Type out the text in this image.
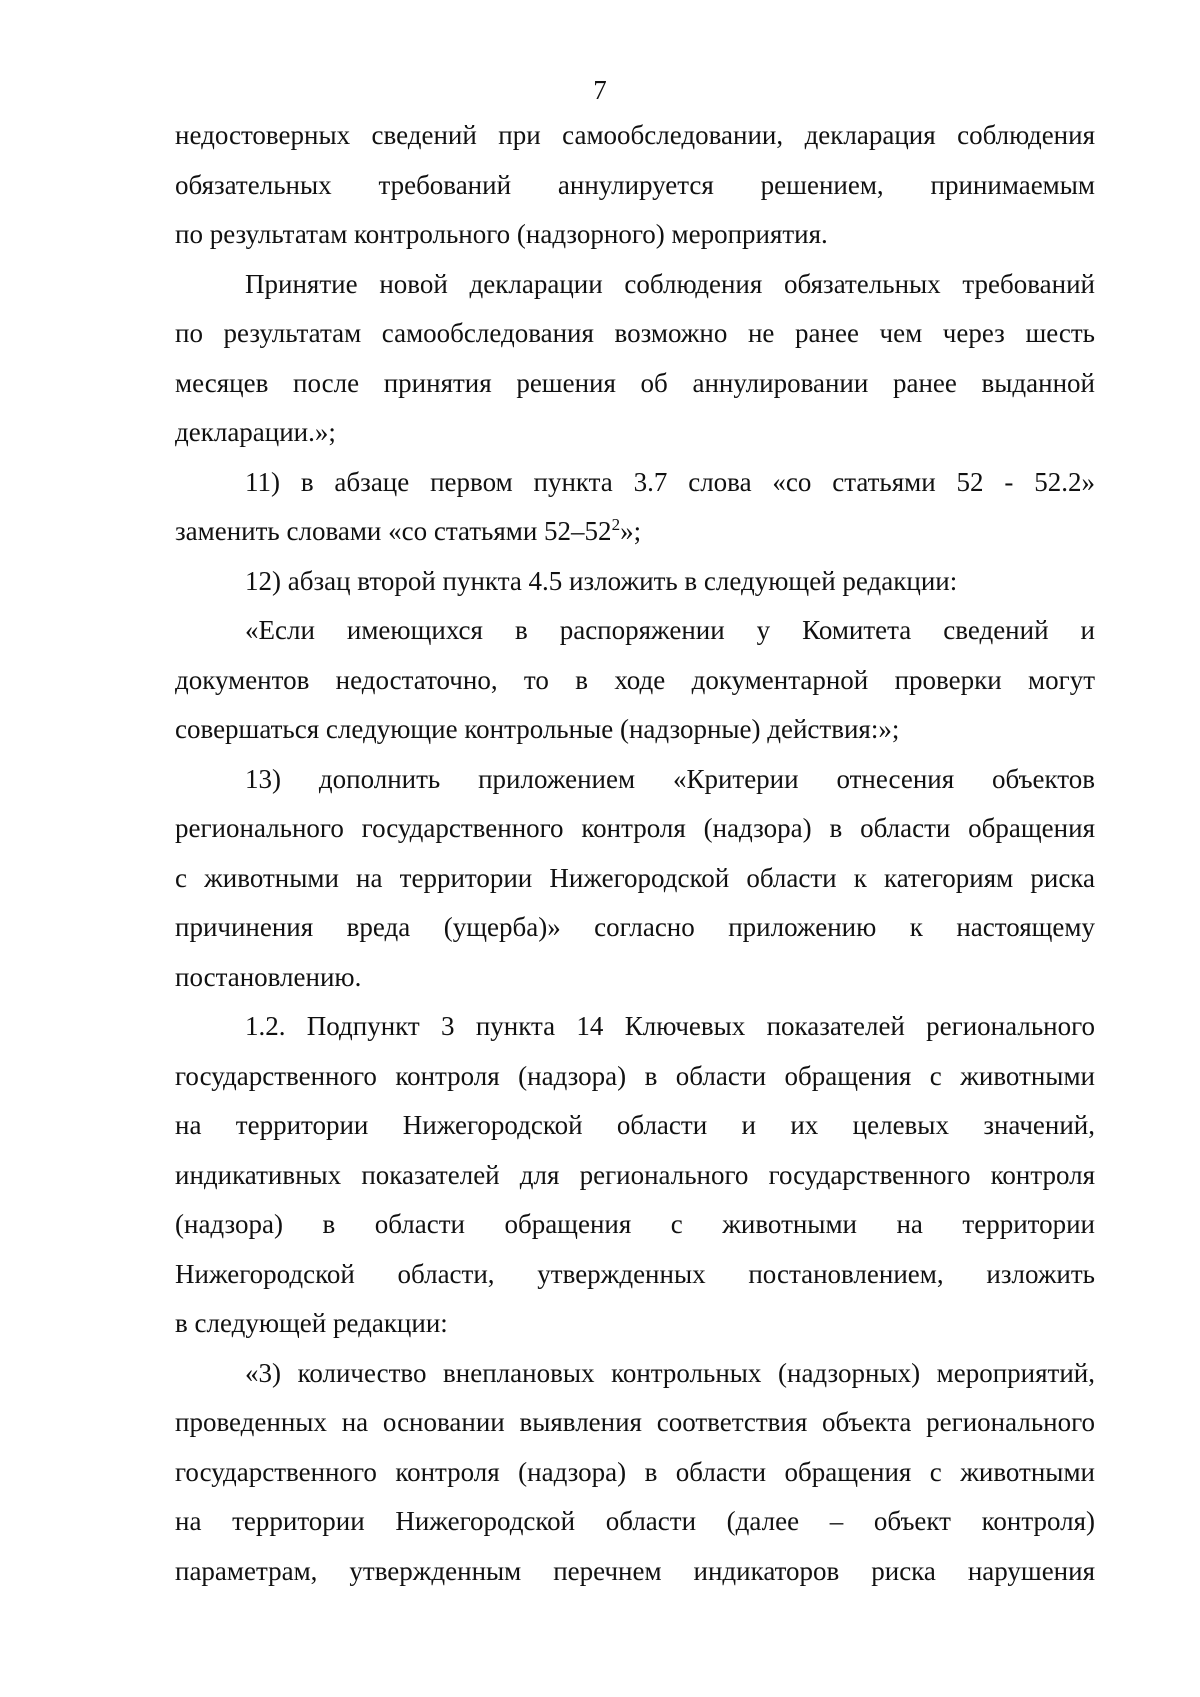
7
недостоверных сведений при самообследовании, декларация соблюдения
обязательных требований аннулируется решением, принимаемым
по результатам контрольного (надзорного) мероприятия.
Принятие новой декларации соблюдения обязательных требований
по результатам самообследования возможно не ранее чем через шесть
месяцев после принятия решения об аннулировании ранее выданной
декларации.»;
11) в абзаце первом пункта 3.7 слова «со статьями 52 - 52.2»
заменить словами «со статьями $52-52^2$»;
12) абзац второй пункта 4.5 изложить в следующей редакции:
«Если имеющихся в распоряжении у Комитета сведений и
документов недостаточно, то в ходе документарной проверки могут
совершаться следующие контрольные (надзорные) действия:»;
13) дополнить приложением «Критерии отнесения объектов
регионального государственного контроля (надзора) в области обращения
с животными на территории Нижегородской области к категориям риска
причинения вреда (ущерба)» согласно приложению к настоящему
постановлению.
1.2. Подпункт 3 пункта 14 Ключевых показателей регионального
государственного контроля (надзора) в области обращения с животными
на территории Нижегородской области и их целевых значений,
индикативных показателей для регионального государственного контроля
(надзора) в области обращения с животными на территории
Нижегородской области, утвержденных постановлением, изложить
в следующей редакции:
«3) количество внеплановых контрольных (надзорных) мероприятий,
проведенных на основании выявления соответствия объекта регионального
государственного контроля (надзора) в области обращения с животными
на территории Нижегородской области (далее – объект контроля)
параметрам, утвержденным перечнем индикаторов риска нарушения
